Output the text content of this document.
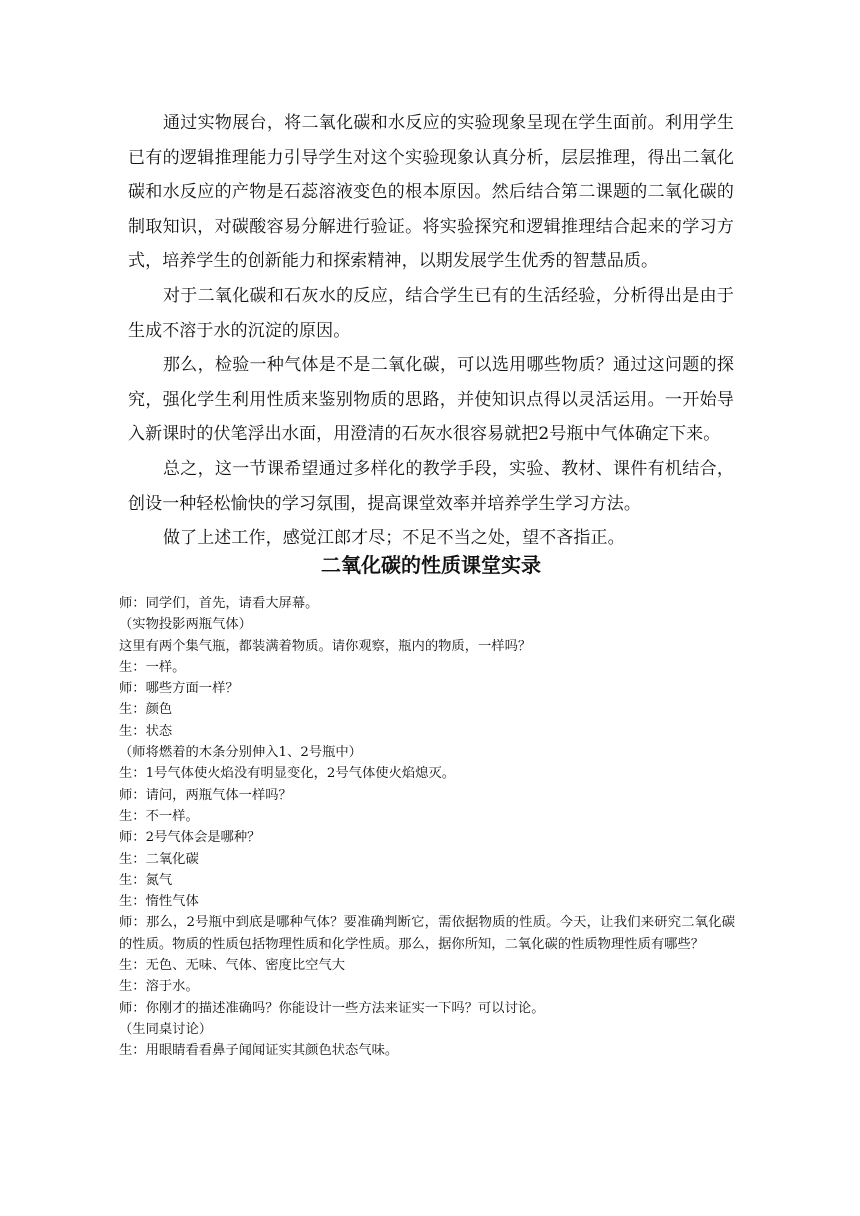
通过实物展台，将二氧化碳和水反应的实验现象呈现在学生面前。利用学生已有的逻辑推理能力引导学生对这个实验现象认真分析，层层推理，得出二氧化碳和水反应的产物是石蕊溶液变色的根本原因。然后结合第二课题的二氧化碳的制取知识，对碳酸容易分解进行验证。将实验探究和逻辑推理结合起来的学习方式，培养学生的创新能力和探索精神，以期发展学生优秀的智慧品质。

对于二氧化碳和石灰水的反应，结合学生已有的生活经验，分析得出是由于生成不溶于水的沉淀的原因。

那么，检验一种气体是不是二氧化碳，可以选用哪些物质？通过这问题的探究，强化学生利用性质来鉴别物质的思路，并使知识点得以灵活运用。一开始导入新课时的伏笔浮出水面，用澄清的石灰水很容易就把2号瓶中气体确定下来。

总之，这一节课希望通过多样化的教学手段，实验、教材、课件有机结合，创设一种轻松愉快的学习氛围，提高课堂效率并培养学生学习方法。

做了上述工作，感觉江郎才尽；不足不当之处，望不吝指正。

二氧化碳的性质课堂实录

师：同学们，首先，请看大屏幕。

（实物投影两瓶气体）

这里有两个集气瓶，都装满着物质。请你观察，瓶内的物质，一样吗？

生：一样。

师：哪些方面一样？

生：颜色

生：状态

（师将燃着的木条分别伸入1、2号瓶中）

生：1号气体使火焰没有明显变化，2号气体使火焰熄灭。

师：请问，两瓶气体一样吗？

生：不一样。

师：2号气体会是哪种？

生：二氧化碳

生：氮气

生：惰性气体

师：那么，2号瓶中到底是哪种气体？要准确判断它，需依据物质的性质。今天，让我们来研究二氧化碳的性质。物质的性质包括物理性质和化学性质。那么，据你所知，二氧化碳的性质物理性质有哪些？

生：无色、无味、气体、密度比空气大

生：溶于水。

师：你刚才的描述准确吗？你能设计一些方法来证实一下吗？可以讨论。

（生同桌讨论）

生：用眼睛看看鼻子闻闻证实其颜色状态气味。
